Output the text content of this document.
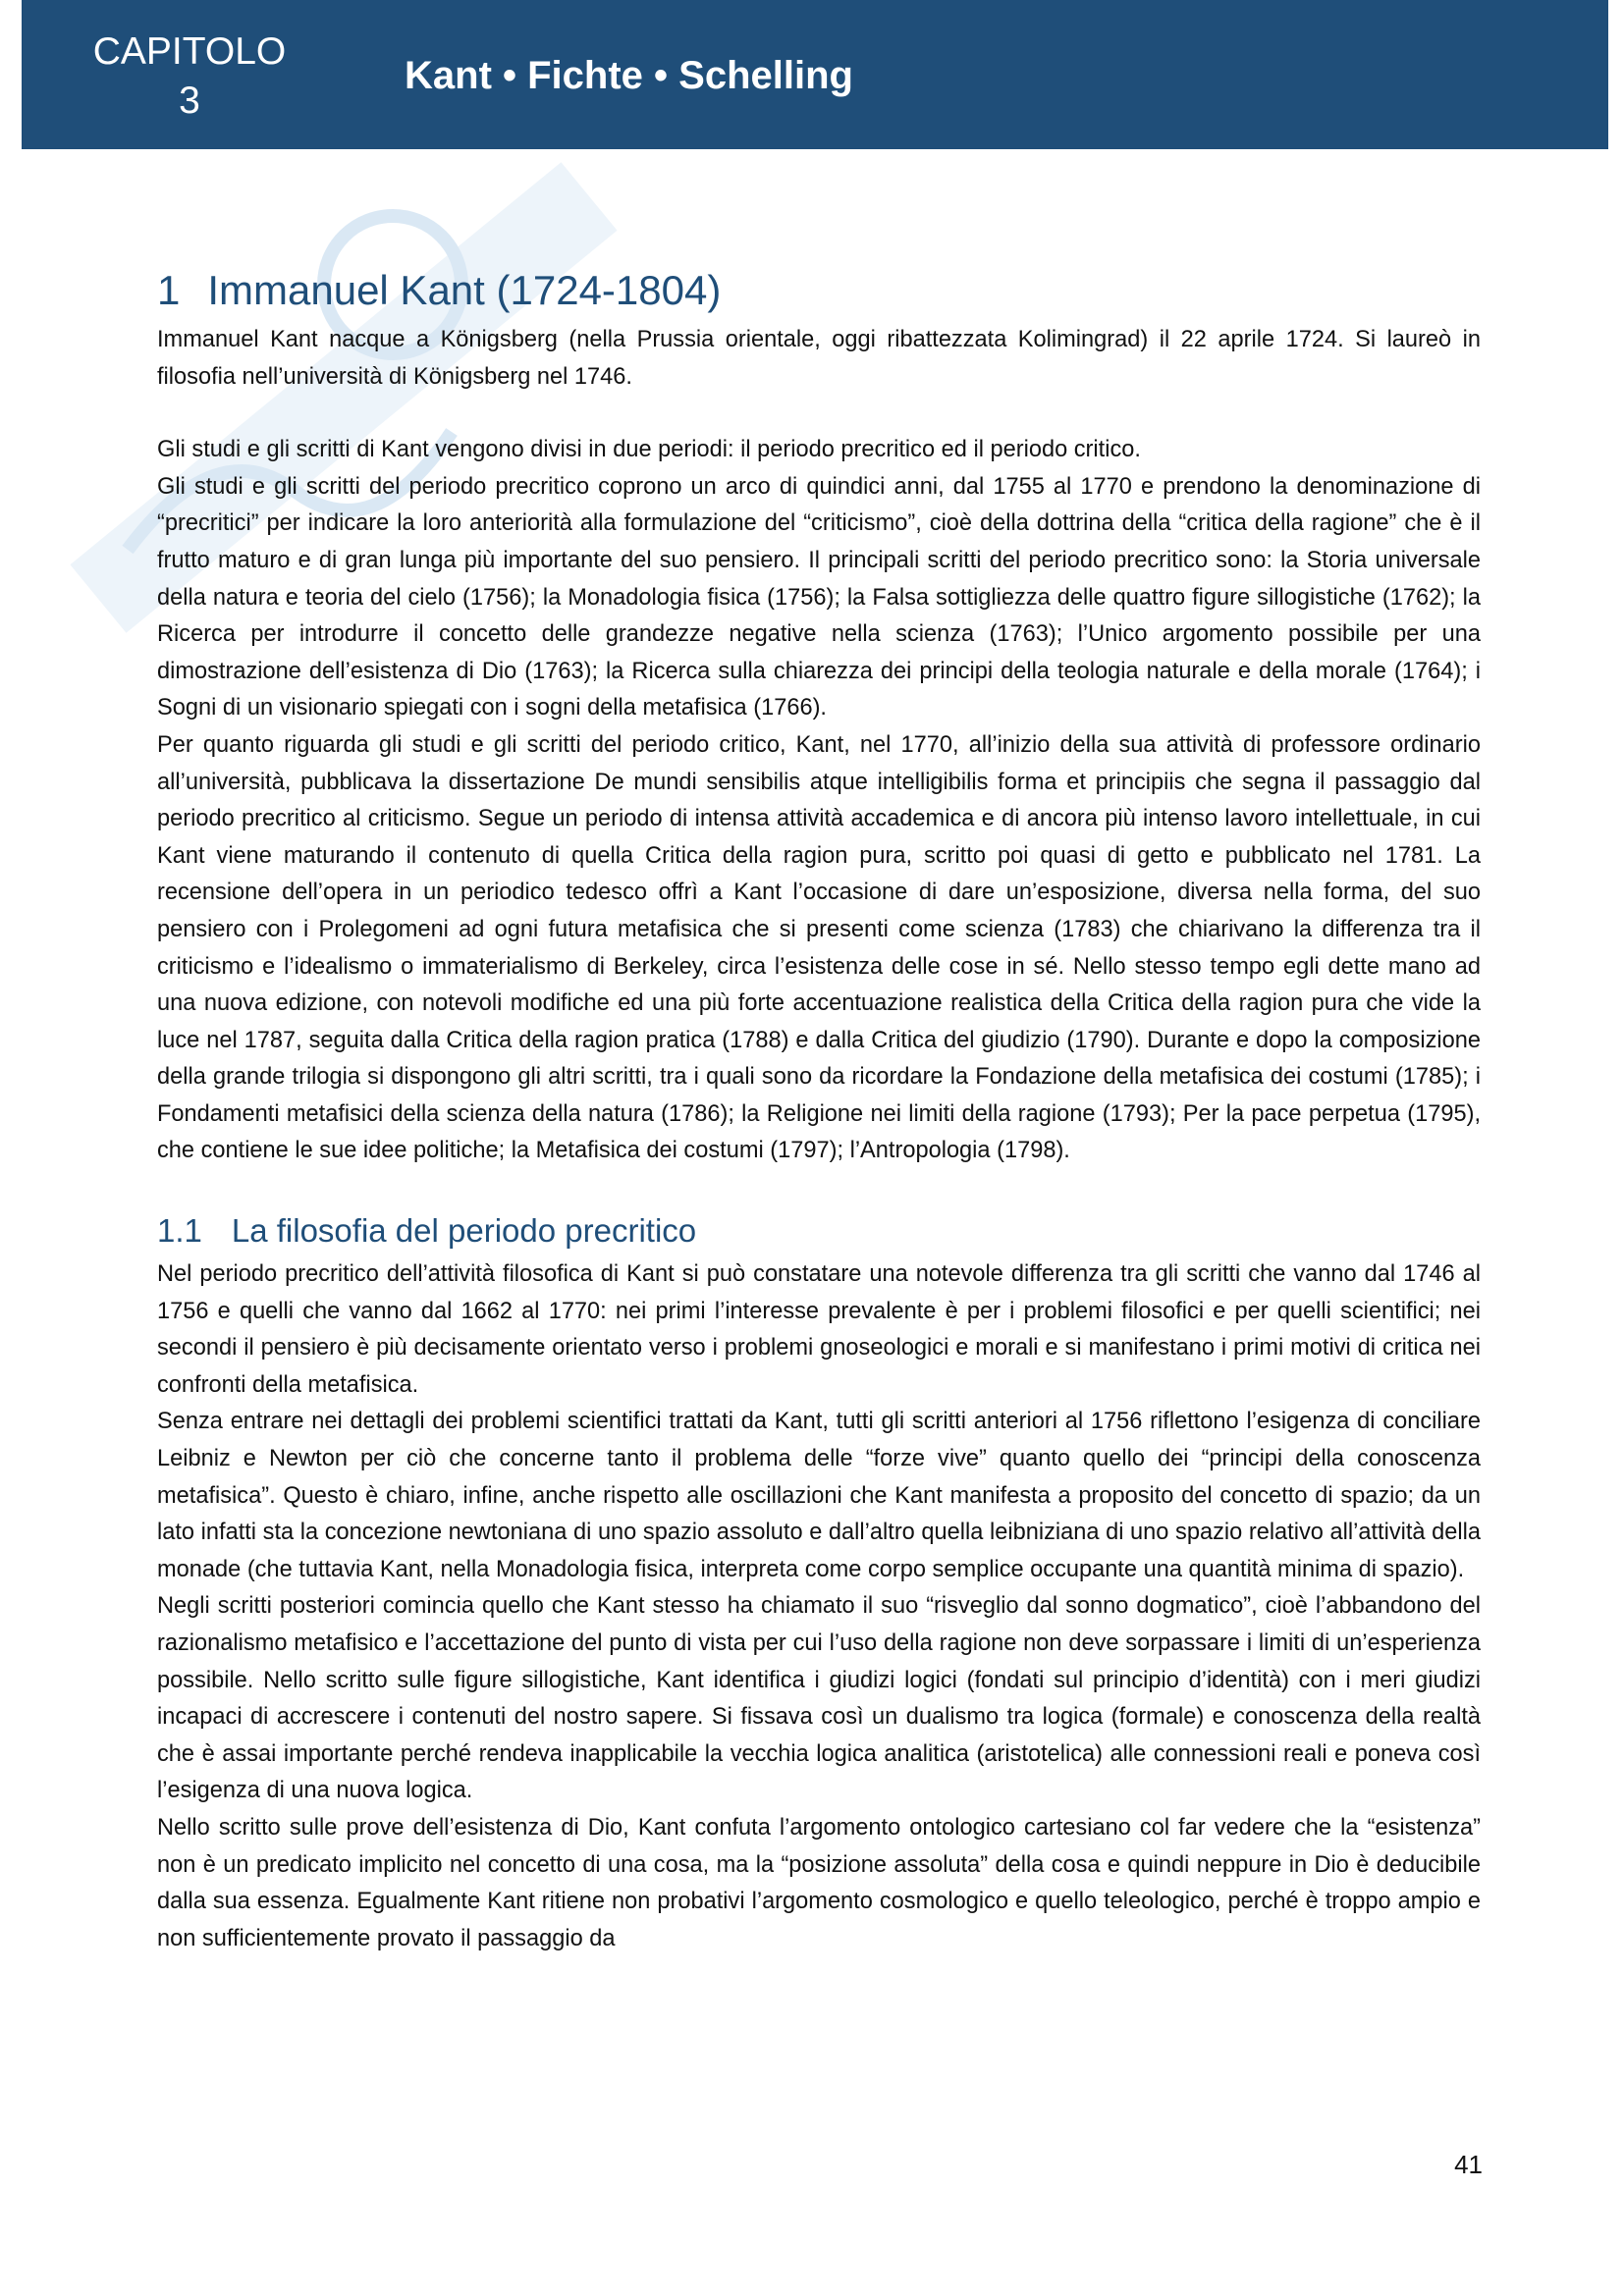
CAPITOLO
3
Kant • Fichte • Schelling
1 Immanuel Kant (1724-1804)

Immanuel Kant nacque a Königsberg (nella Prussia orientale, oggi ribattezzata Kolimingrad) il 22 aprile 1724. Si laureò in filosofia nell’università di Königsberg nel 1746.

Gli studi e gli scritti di Kant vengono divisi in due periodi: il periodo precritico ed il periodo critico.

Gli studi e gli scritti del periodo precritico coprono un arco di quindici anni, dal 1755 al 1770 e prendono la denominazione di “precritici” per indicare la loro anteriorità alla formulazione del “criticismo”, cioè della dottrina della “critica della ragione” che è il frutto maturo e di gran lunga più importante del suo pensiero. Il principali scritti del periodo precritico sono: la Storia universale della natura e teoria del cielo (1756); la Monadologia fisica (1756); la Falsa sottigliezza delle quattro figure sillogistiche (1762); la Ricerca per introdurre il concetto delle grandezze negative nella scienza (1763); l’Unico argomento possibile per una dimostrazione dell’esistenza di Dio (1763); la Ricerca sulla chiarezza dei principi della teologia naturale e della morale (1764); i Sogni di un visionario spiegati con i sogni della metafisica (1766).

Per quanto riguarda gli studi e gli scritti del periodo critico, Kant, nel 1770, all’inizio della sua attività di professore ordinario all’università, pubblicava la dissertazione De mundi sensibilis atque intelligibilis forma et principiis che segna il passaggio dal periodo precritico al criticismo. Segue un periodo di intensa attività accademica e di ancora più intenso lavoro intellettuale, in cui Kant viene maturando il contenuto di quella Critica della ragion pura, scritto poi quasi di getto e pubblicato nel 1781. La recensione dell’opera in un periodico tedesco offrì a Kant l’occasione di dare un’esposizione, diversa nella forma, del suo pensiero con i Prolegomeni ad ogni futura metafisica che si presenti come scienza (1783) che chiarivano la differenza tra il criticismo e l’idealismo o immaterialismo di Berkeley, circa l’esistenza delle cose in sé. Nello stesso tempo egli dette mano ad una nuova edizione, con notevoli modifiche ed una più forte accentuazione realistica della Critica della ragion pura che vide la luce nel 1787, seguita dalla Critica della ragion pratica (1788) e dalla Critica del giudizio (1790). Durante e dopo la composizione della grande trilogia si dispongono gli altri scritti, tra i quali sono da ricordare la Fondazione della metafisica dei costumi (1785); i Fondamenti metafisici della scienza della natura (1786); la Religione nei limiti della ragione (1793); Per la pace perpetua (1795), che contiene le sue idee politiche; la Metafisica dei costumi (1797); l’Antropologia (1798).

1.1 La filosofia del periodo precritico

Nel periodo precritico dell’attività filosofica di Kant si può constatare una notevole differenza tra gli scritti che vanno dal 1746 al 1756 e quelli che vanno dal 1662 al 1770: nei primi l’interesse prevalente è per i problemi filosofici e per quelli scientifici; nei secondi il pensiero è più decisamente orientato verso i problemi gnoseologici e morali e si manifestano i primi motivi di critica nei confronti della metafisica.

Senza entrare nei dettagli dei problemi scientifici trattati da Kant, tutti gli scritti anteriori al 1756 riflettono l’esigenza di conciliare Leibniz e Newton per ciò che concerne tanto il problema delle “forze vive” quanto quello dei “principi della conoscenza metafisica”. Questo è chiaro, infine, anche rispetto alle oscillazioni che Kant manifesta a proposito del concetto di spazio; da un lato infatti sta la concezione newtoniana di uno spazio assoluto e dall’altro quella leibniziana di uno spazio relativo all’attività della monade (che tuttavia Kant, nella Monadologia fisica, interpreta come corpo semplice occupante una quantità minima di spazio).

Negli scritti posteriori comincia quello che Kant stesso ha chiamato il suo “risveglio dal sonno dogmatico”, cioè l’abbandono del razionalismo metafisico e l’accettazione del punto di vista per cui l’uso della ragione non deve sorpassare i limiti di un’esperienza possibile. Nello scritto sulle figure sillogistiche, Kant identifica i giudizi logici (fondati sul principio d’identità) con i meri giudizi incapaci di accrescere i contenuti del nostro sapere. Si fissava così un dualismo tra logica (formale) e conoscenza della realtà che è assai importante perché rendeva inapplicabile la vecchia logica analitica (aristotelica) alle connessioni reali e poneva così l’esigenza di una nuova logica.

Nello scritto sulle prove dell’esistenza di Dio, Kant confuta l’argomento ontologico cartesiano col far vedere che la “esistenza” non è un predicato implicito nel concetto di una cosa, ma la “posizione assoluta” della cosa e quindi neppure in Dio è deducibile dalla sua essenza. Egualmente Kant ritiene non probativi l’argomento cosmologico e quello teleologico, perché è troppo ampio e non sufficientemente provato il passaggio da

41
